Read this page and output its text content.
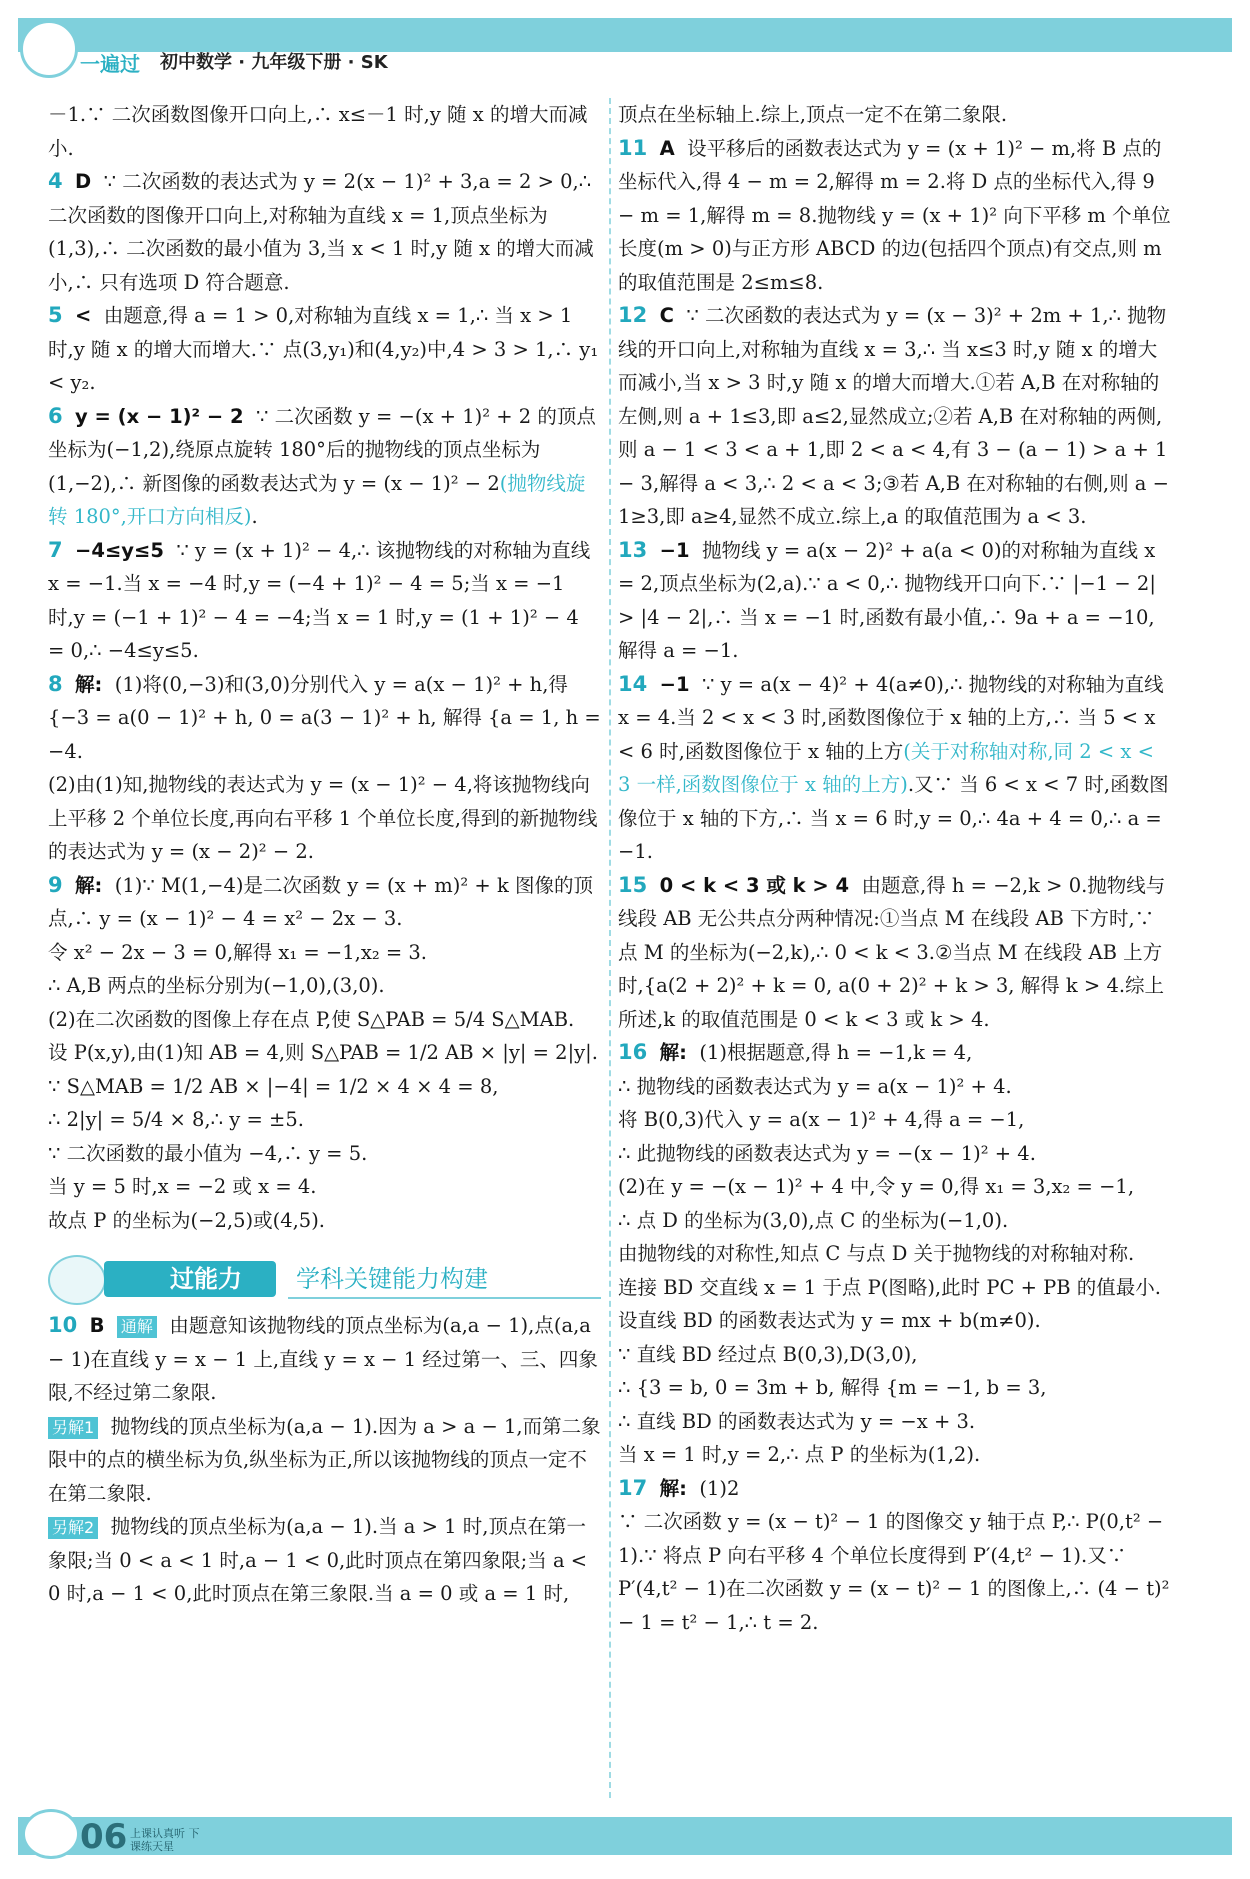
一遍过 初中数学 · 九年级下册 · SK

－1.∵ 二次函数图像开口向上,∴ x≤－1 时,y 随 x 的增大而减小.

4 D ∵ 二次函数的表达式为 y = 2(x − 1)² + 3,a = 2 > 0,∴ 二次函数的图像开口向上,对称轴为直线 x = 1,顶点坐标为(1,3),∴ 二次函数的最小值为 3,当 x < 1 时,y 随 x 的增大而减小,∴ 只有选项 D 符合题意.

5 < 由题意,得 a = 1 > 0,对称轴为直线 x = 1,∴ 当 x > 1 时,y 随 x 的增大而增大.∵ 点(3,y₁)和(4,y₂)中,4 > 3 > 1,∴ y₁ < y₂.

6 y = (x − 1)² − 2 ∵ 二次函数 y = −(x + 1)² + 2 的顶点坐标为(−1,2),绕原点旋转 180°后的抛物线的顶点坐标为(1,−2),∴ 新图像的函数表达式为 y = (x − 1)² − 2(抛物线旋转 180°,开口方向相反).

7 −4≤y≤5 ∵ y = (x + 1)² − 4,∴ 该抛物线的对称轴为直线 x = −1.当 x = −4 时,y = (−4 + 1)² − 4 = 5;当 x = −1 时,y = (−1 + 1)² − 4 = −4;当 x = 1 时,y = (1 + 1)² − 4 = 0,∴ −4≤y≤5.

8 解: (1)将(0,−3)和(3,0)分别代入 y = a(x − 1)² + h,得 {−3 = a(0 − 1)² + h, 0 = a(3 − 1)² + h, 解得 {a = 1, h = −4.
(2)由(1)知,抛物线的表达式为 y = (x − 1)² − 4,将该抛物线向上平移 2 个单位长度,再向右平移 1 个单位长度,得到的新抛物线的表达式为 y = (x − 2)² − 2.

9 解: (1)∵ M(1,−4)是二次函数 y = (x + m)² + k 图像的顶点,∴ y = (x − 1)² − 4 = x² − 2x − 3.
令 x² − 2x − 3 = 0,解得 x₁ = −1,x₂ = 3.
∴ A,B 两点的坐标分别为(−1,0),(3,0).
(2)在二次函数的图像上存在点 P,使 S△PAB = 5/4 S△MAB.
设 P(x,y),由(1)知 AB = 4,则 S△PAB = 1/2 AB × |y| = 2|y|.
∵ S△MAB = 1/2 AB × |−4| = 1/2 × 4 × 4 = 8,
∴ 2|y| = 5/4 × 8,∴ y = ±5.
∵ 二次函数的最小值为 −4,∴ y = 5.
当 y = 5 时,x = −2 或 x = 4.
故点 P 的坐标为(−2,5)或(4,5).

过能力	学科关键能力构建

10 B 通解 由题意知该抛物线的顶点坐标为(a,a − 1),点(a,a − 1)在直线 y = x − 1 上,直线 y = x − 1 经过第一、三、四象限,不经过第二象限.

另解1 抛物线的顶点坐标为(a,a − 1).因为 a > a − 1,而第二象限中的点的横坐标为负,纵坐标为正,所以该抛物线的顶点一定不在第二象限.

另解2 抛物线的顶点坐标为(a,a − 1).当 a > 1 时,顶点在第一象限;当 0 < a < 1 时,a − 1 < 0,此时顶点在第四象限;当 a < 0 时,a − 1 < 0,此时顶点在第三象限.当 a = 0 或 a = 1 时,

顶点在坐标轴上.综上,顶点一定不在第二象限.

11 A 设平移后的函数表达式为 y = (x + 1)² − m,将 B 点的坐标代入,得 4 − m = 2,解得 m = 2.将 D 点的坐标代入,得 9 − m = 1,解得 m = 8.抛物线 y = (x + 1)² 向下平移 m 个单位长度(m > 0)与正方形 ABCD 的边(包括四个顶点)有交点,则 m 的取值范围是 2≤m≤8.

12 C ∵ 二次函数的表达式为 y = (x − 3)² + 2m + 1,∴ 抛物线的开口向上,对称轴为直线 x = 3,∴ 当 x≤3 时,y 随 x 的增大而减小,当 x > 3 时,y 随 x 的增大而增大.①若 A,B 在对称轴的左侧,则 a + 1≤3,即 a≤2,显然成立;②若 A,B 在对称轴的两侧,则 a − 1 < 3 < a + 1,即 2 < a < 4,有 3 − (a − 1) > a + 1 − 3,解得 a < 3,∴ 2 < a < 3;③若 A,B 在对称轴的右侧,则 a − 1≥3,即 a≥4,显然不成立.综上,a 的取值范围为 a < 3.

13 −1 抛物线 y = a(x − 2)² + a(a < 0)的对称轴为直线 x = 2,顶点坐标为(2,a).∵ a < 0,∴ 抛物线开口向下.∵ |−1 − 2| > |4 − 2|,∴ 当 x = −1 时,函数有最小值,∴ 9a + a = −10,解得 a = −1.

14 −1 ∵ y = a(x − 4)² + 4(a≠0),∴ 抛物线的对称轴为直线 x = 4.当 2 < x < 3 时,函数图像位于 x 轴的上方,∴ 当 5 < x < 6 时,函数图像位于 x 轴的上方(关于对称轴对称,同 2 < x < 3 一样,函数图像位于 x 轴的上方).又∵ 当 6 < x < 7 时,函数图像位于 x 轴的下方,∴ 当 x = 6 时,y = 0,∴ 4a + 4 = 0,∴ a = −1.

15 0 < k < 3 或 k > 4 由题意,得 h = −2,k > 0.抛物线与线段 AB 无公共点分两种情况:①当点 M 在线段 AB 下方时,∵ 点 M 的坐标为(−2,k),∴ 0 < k < 3.②当点 M 在线段 AB 上方时,{a(2 + 2)² + k = 0, a(0 + 2)² + k > 3, 解得 k > 4.综上所述,k 的取值范围是 0 < k < 3 或 k > 4.

16 解: (1)根据题意,得 h = −1,k = 4,
∴ 抛物线的函数表达式为 y = a(x − 1)² + 4.
将 B(0,3)代入 y = a(x − 1)² + 4,得 a = −1,
∴ 此抛物线的函数表达式为 y = −(x − 1)² + 4.
(2)在 y = −(x − 1)² + 4 中,令 y = 0,得 x₁ = 3,x₂ = −1,
∴ 点 D 的坐标为(3,0),点 C 的坐标为(−1,0).
由抛物线的对称性,知点 C 与点 D 关于抛物线的对称轴对称.
连接 BD 交直线 x = 1 于点 P(图略),此时 PC + PB 的值最小.
设直线 BD 的函数表达式为 y = mx + b(m≠0).
∵ 直线 BD 经过点 B(0,3),D(3,0),
∴ {3 = b, 0 = 3m + b, 解得 {m = −1, b = 3,
∴ 直线 BD 的函数表达式为 y = −x + 3.
当 x = 1 时,y = 2,∴ 点 P 的坐标为(1,2).

17 解: (1)2
∵ 二次函数 y = (x − t)² − 1 的图像交 y 轴于点 P,∴ P(0,t² − 1).∵ 将点 P 向右平移 4 个单位长度得到 P′(4,t² − 1).又∵ P′(4,t² − 1)在二次函数 y = (x − t)² − 1 的图像上,∴ (4 − t)² − 1 = t² − 1,∴ t = 2.

06 上课认真听 下课练天星
